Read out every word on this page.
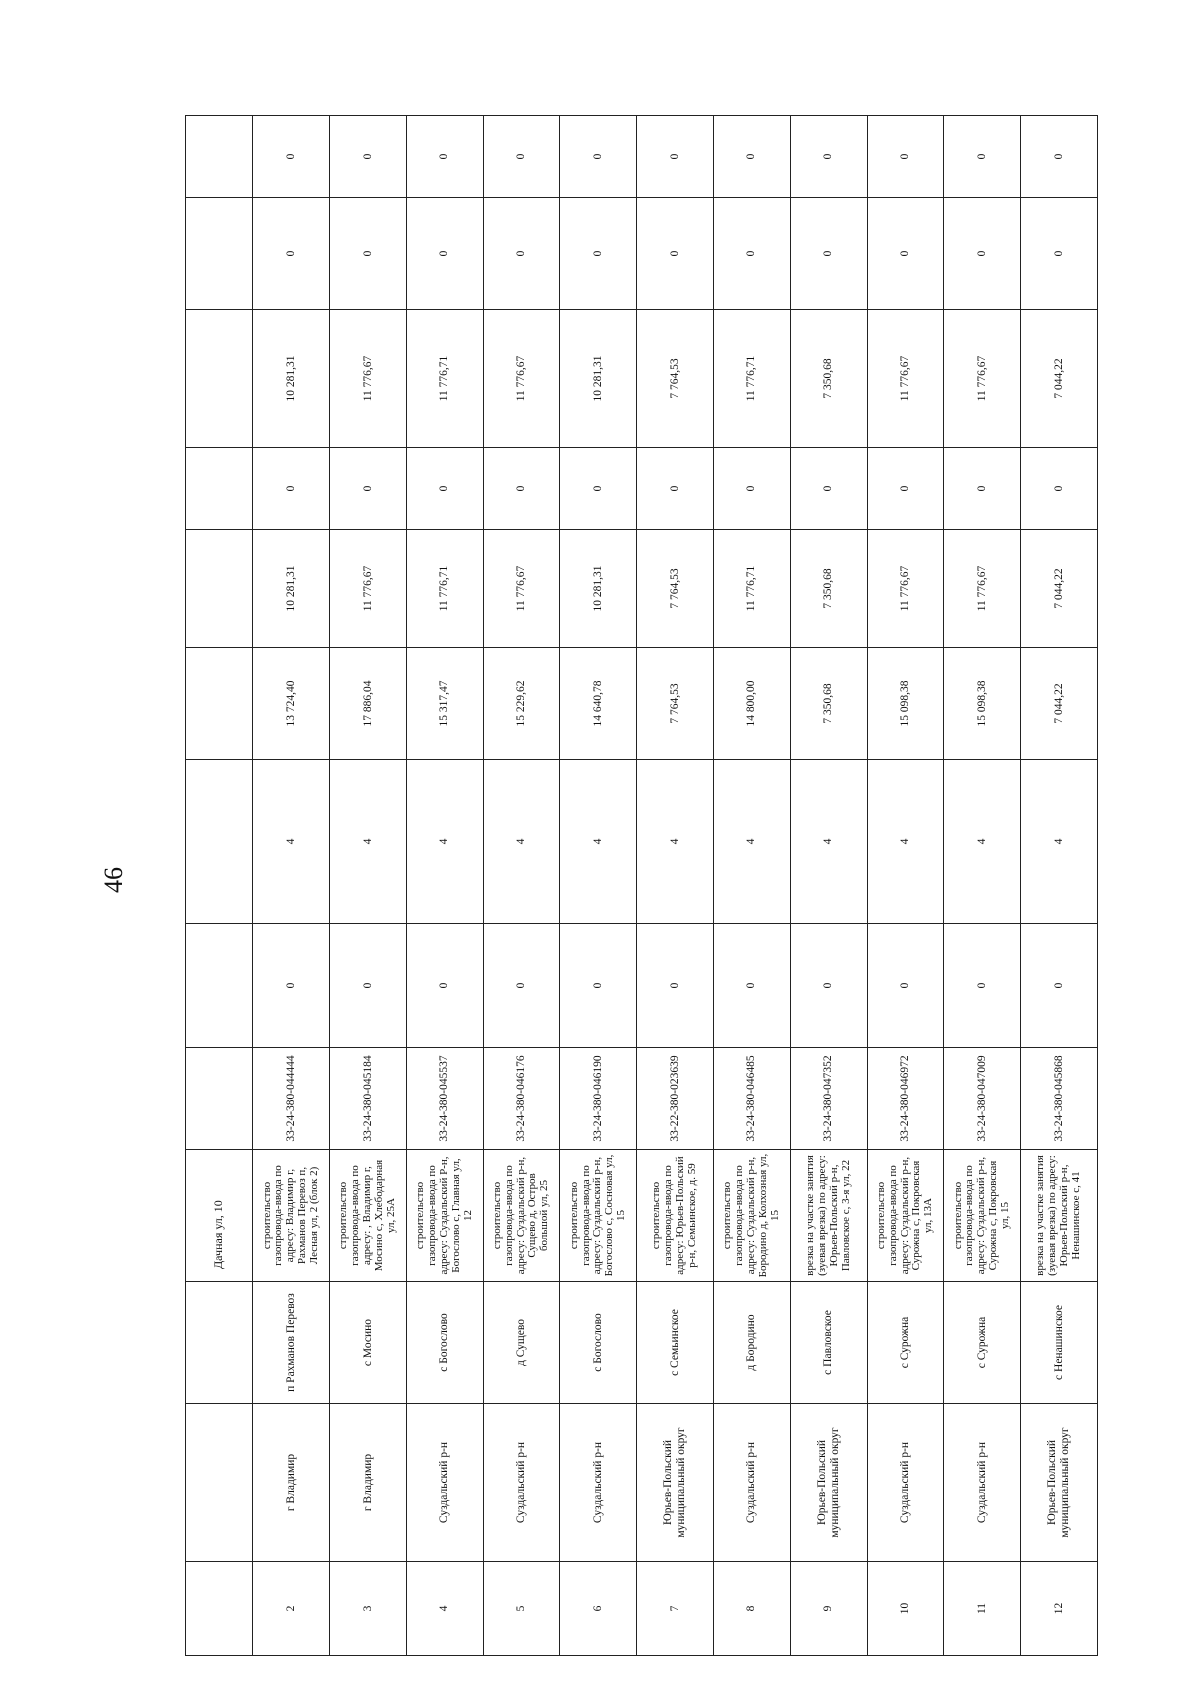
46
			Дачная ул, 10									
2	г Владимир	п Рахманов Перевоз	строительство газопровода-ввода по адресу: Владимир г, Рахманов Перевоз п, Лесная ул, 2 (блок 2)	33-24-380-044444	0	4	13 724,40	10 281,31	0	10 281,31	0	0
3	г Владимир	с Мосино	строительство газопровода-ввода по адресу: , Владимир г, Мосино с, Хлебодарная ул, 25А	33-24-380-045184	0	4	17 886,04	11 776,67	0	11 776,67	0	0
4	Суздальский р-н	с Богослово	строительство газопровода-ввода по адресу: Суздальский Р-н, Богослово с, Главная ул, 12	33-24-380-045537	0	4	15 317,47	11 776,71	0	11 776,71	0	0
5	Суздальский р-н	д Сущево	строительство газопровода-ввода по адресу: Суздальский р-н, Сущево д, Остров большой ул, 25	33-24-380-046176	0	4	15 229,62	11 776,67	0	11 776,67	0	0
6	Суздальский р-н	с Богослово	строительство газопровода-ввода по адресу: Суздальский р-н, Богослово с, Сосновая ул, 15	33-24-380-046190	0	4	14 640,78	10 281,31	0	10 281,31	0	0
7	Юрьев-Польский муниципальный округ	с Семьинское	строительство газопровода-ввода по адресу: Юрьев-Польский р-н, Семьинское, д. 59	33-22-380-023639	0	4	7 764,53	7 764,53	0	7 764,53	0	0
8	Суздальский р-н	д Бородино	строительство газопровода-ввода по адресу: Суздальский р-н, Бородино д, Колхозная ул, 15	33-24-380-046485	0	4	14 800,00	11 776,71	0	11 776,71	0	0
9	Юрьев-Польский муниципальный округ	с Павловское	врезка на участке занятия (зуевая врезка) по адресу: Юрьев-Польский р-н, Павловское с, 3-я ул, 22	33-24-380-047352	0	4	7 350,68	7 350,68	0	7 350,68	0	0
10	Суздальский р-н	с Сурожна	строительство газопровода-ввода по адресу: Суздальский р-н, Сурожна с, Покровская ул, 13А	33-24-380-046972	0	4	15 098,38	11 776,67	0	11 776,67	0	0
11	Суздальский р-н	с Сурожна	строительство газопровода-ввода по адресу: Суздальский р-н, Сурожна с, Покровская ул, 15	33-24-380-047009	0	4	15 098,38	11 776,67	0	11 776,67	0	0
12	Юрьев-Польский муниципальный округ	с Ненашинское	врезка на участке занятия (зуевая врезка) по адресу: Юрьев-Польский р-н, Ненашинское с, 41	33-24-380-045868	0	4	7 044,22	7 044,22	0	7 044,22	0	0
